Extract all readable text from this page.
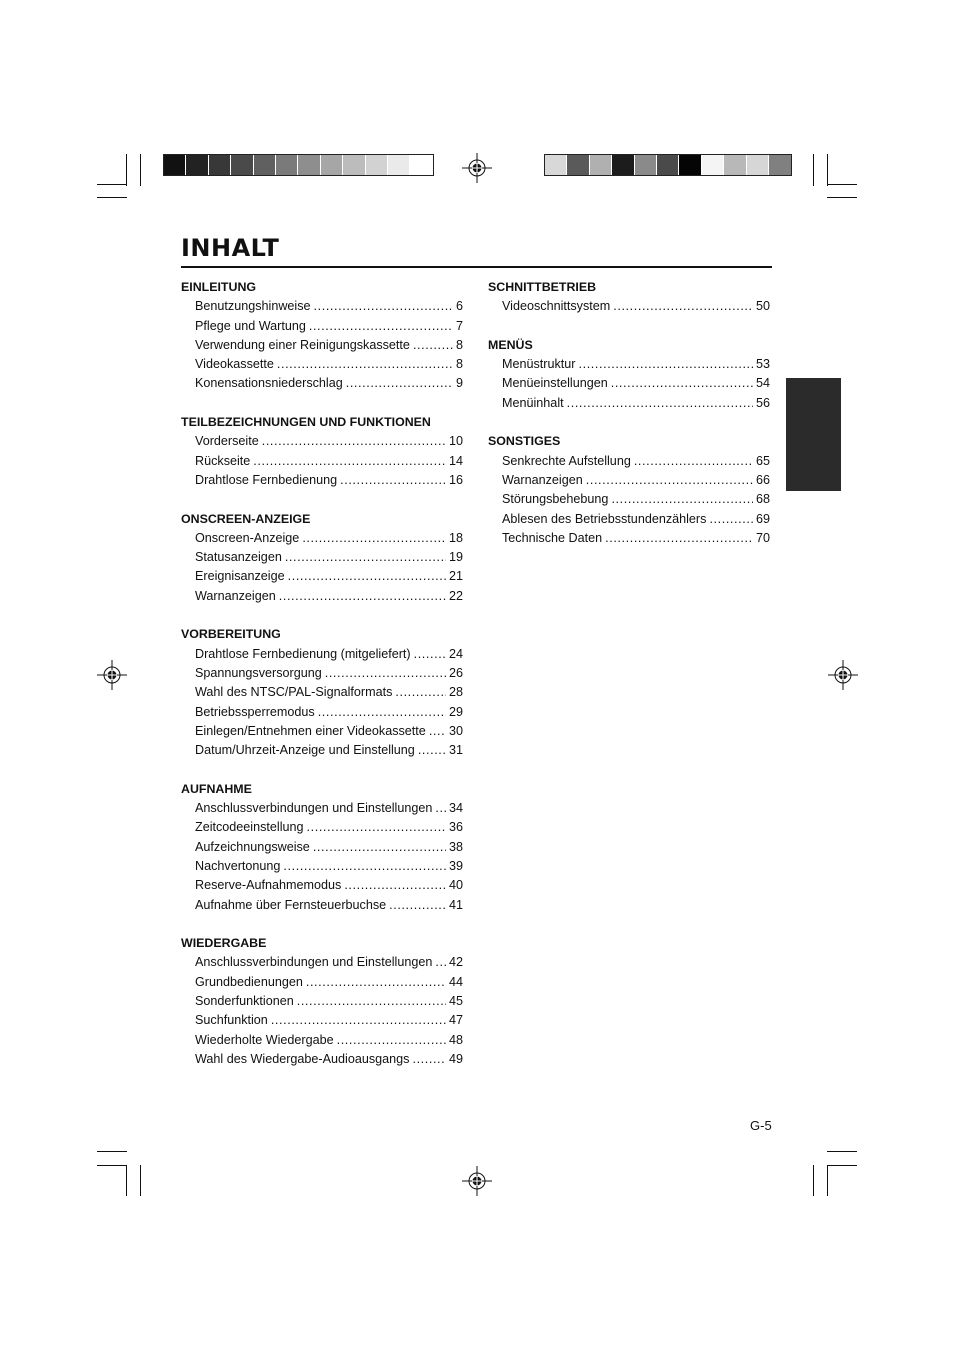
INHALT
EINLEITUNG
Benutzungshinweise .....	6
Pflege und Wartung .....	7
Verwendung einer Reinigungskassette .....	8
Videokassette .....	8
Konensationsniederschlag .....	9
TEILBEZEICHNUNGEN UND FUNKTIONEN
Vorderseite .....	10
Rückseite .....	14
Drahtlose Fernbedienung .....	16
ONSCREEN-ANZEIGE
Onscreen-Anzeige .....	18
Statusanzeigen .....	19
Ereignisanzeige .....	21
Warnanzeigen .....	22
VORBEREITUNG
Drahtlose Fernbedienung (mitgeliefert) .....	24
Spannungsversorgung .....	26
Wahl des NTSC/PAL-Signalformats .....	28
Betriebssperremodus .....	29
Einlegen/Entnehmen einer Videokassette ..... 30
Datum/Uhrzeit-Anzeige und Einstellung .....	31
AUFNAHME
Anschlussverbindungen und Einstellungen ..... 34
Zeitcodeeinstellung .....	36
Aufzeichnungsweise .....	38
Nachvertonung .....	39
Reserve-Aufnahmemodus .....	40
Aufnahme über Fernsteuerbuchse .....	41
WIEDERGABE
Anschlussverbindungen und Einstellungen ..... 42
Grundbedienungen .....	44
Sonderfunktionen .....	45
Suchfunktion .....	47
Wiederholte Wiedergabe .....	48
Wahl des Wiedergabe-Audioausgangs .....	49
SCHNITTBETRIEB
Videoschnittsystem .....	50
MENÜS
Menüstruktur .....	53
Menüeinstellungen .....	54
Menüinhalt .....	56
SONSTIGES
Senkrechte Aufstellung .....	65
Warnanzeigen .....	66
Störungsbehebung .....	68
Ablesen des Betriebsstundenzählers .....	69
Technische Daten .....	70
G-5
